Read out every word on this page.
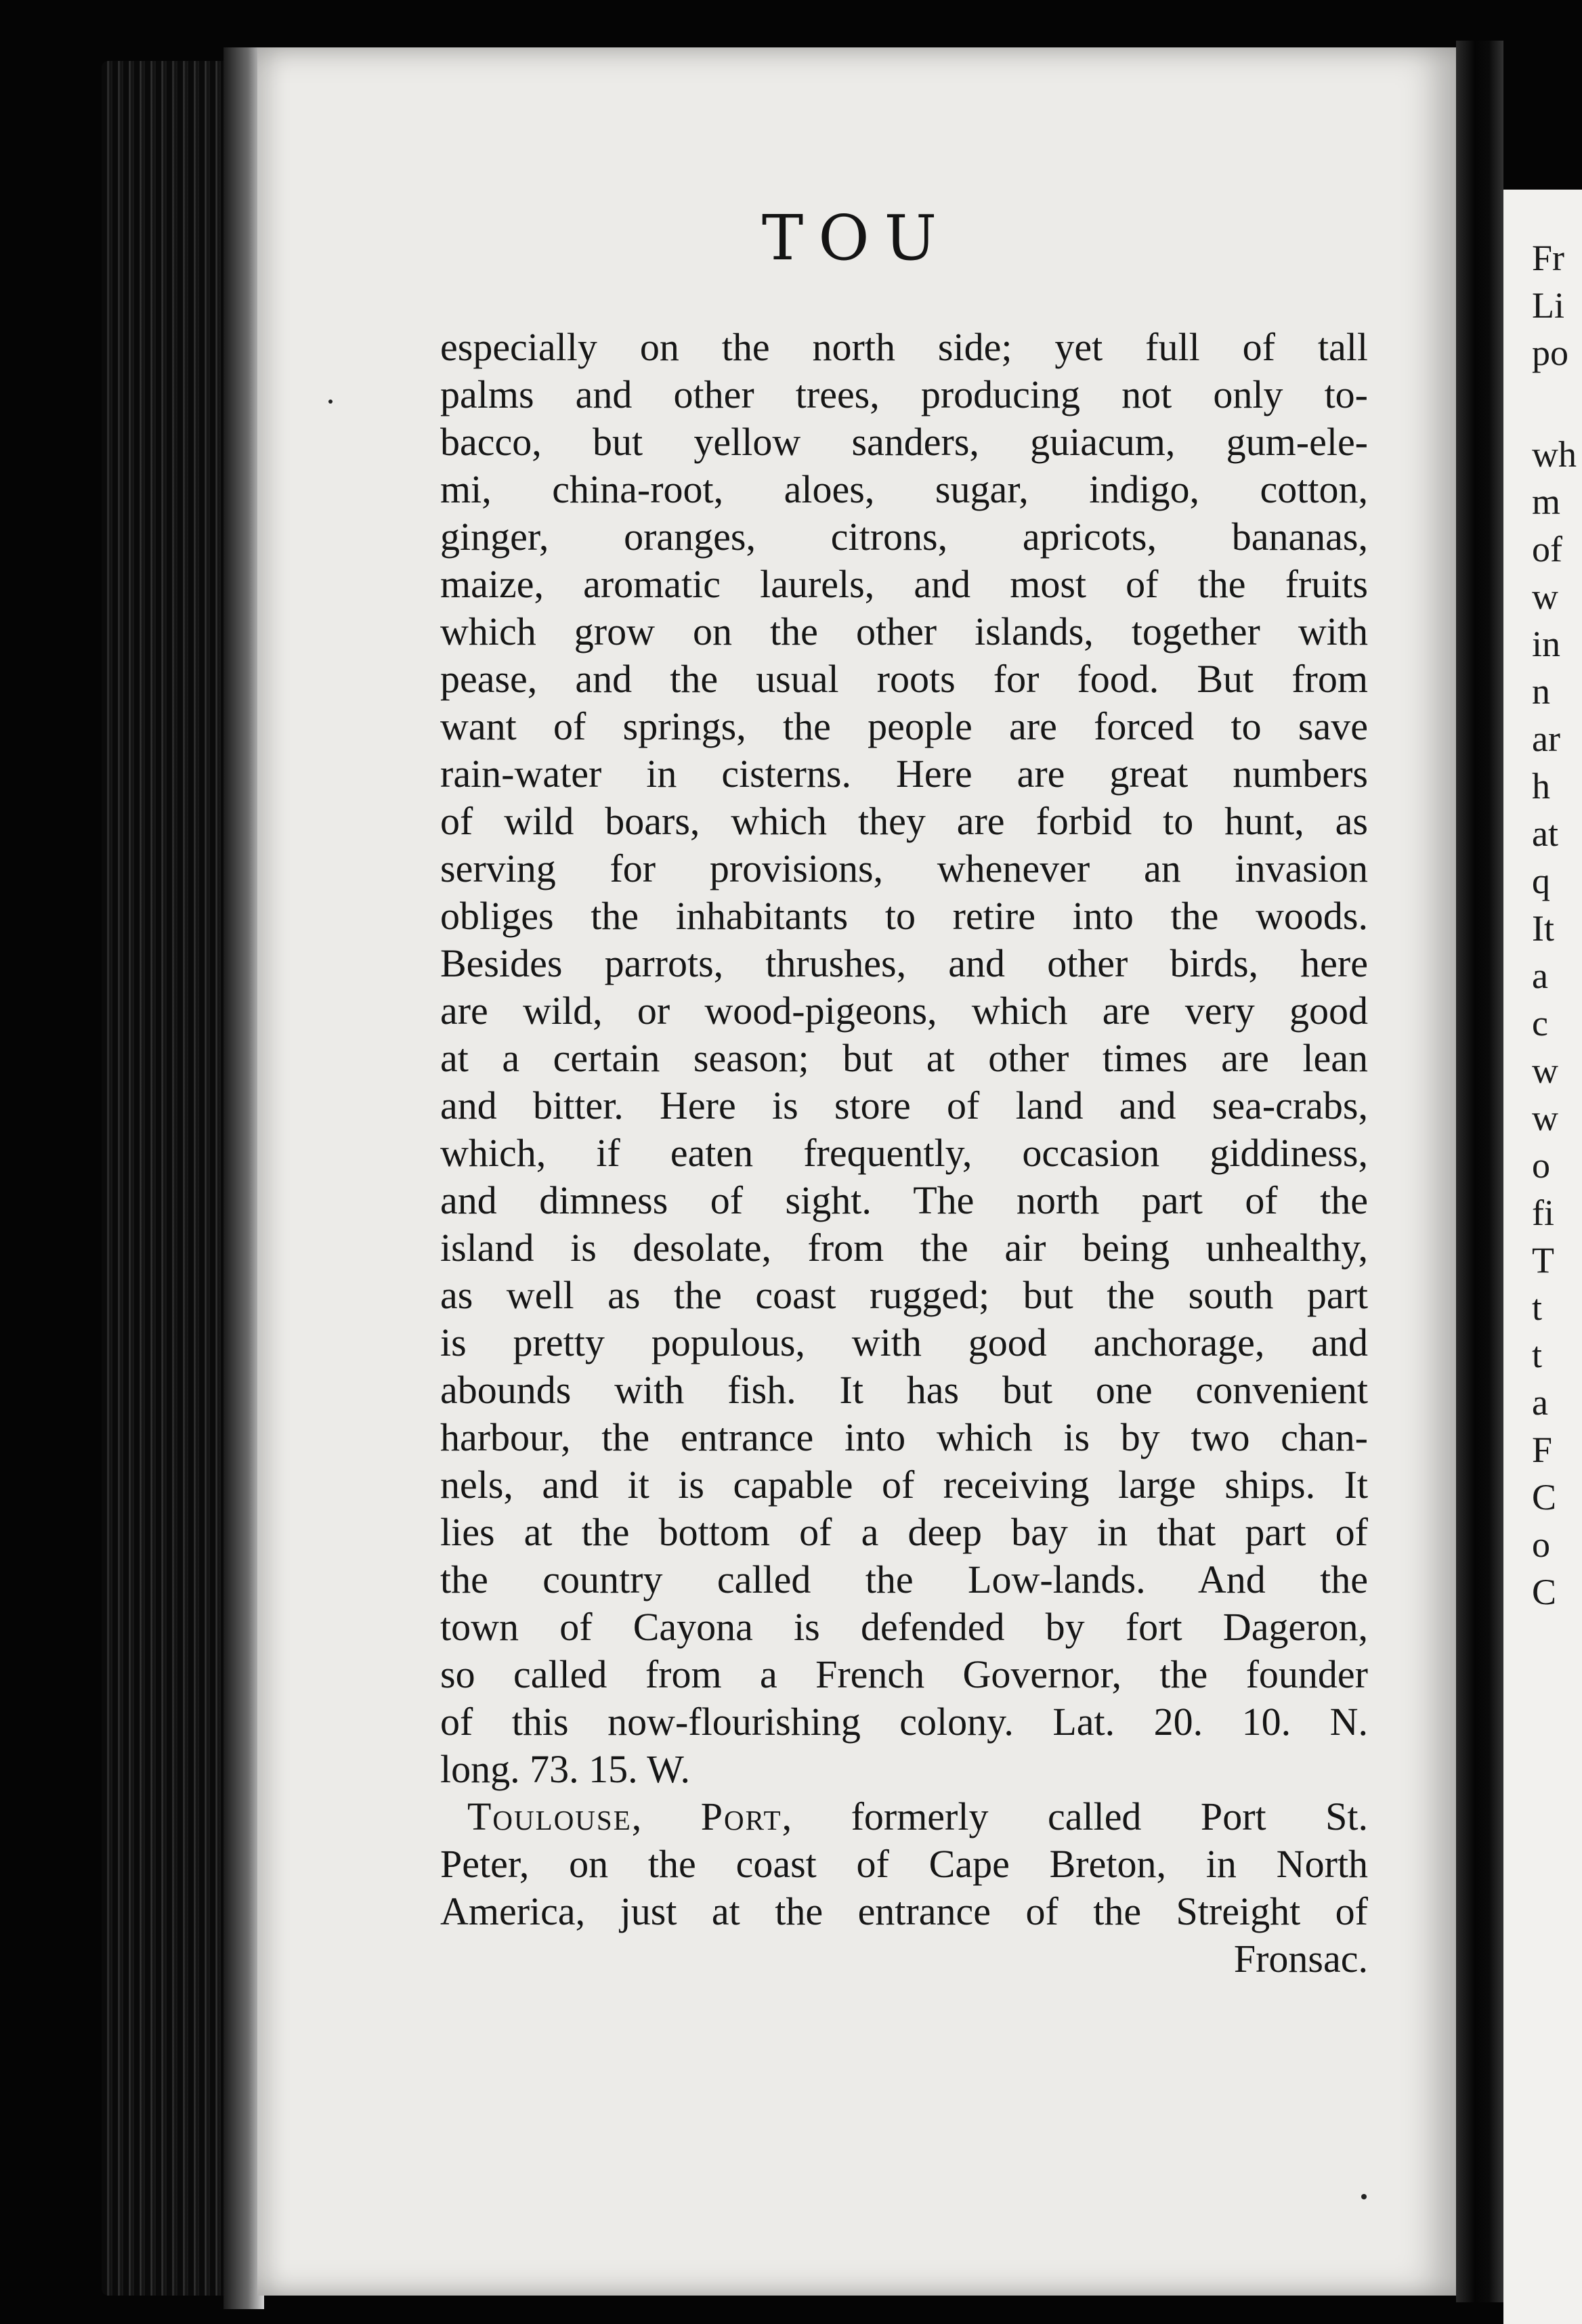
TOU
especially on the north side; yet full of tall
palms and other trees, producing not only to-
bacco, but yellow sanders, guiacum, gum-ele-
mi, china-root, aloes, sugar, indigo, cotton,
ginger, oranges, citrons, apricots, bananas,
maize, aromatic laurels, and most of the fruits
which grow on the other islands, together with
pease, and the usual roots for food. But from
want of springs, the people are forced to save
rain-water in cisterns. Here are great numbers
of wild boars, which they are forbid to hunt, as
serving for provisions, whenever an invasion
obliges the inhabitants to retire into the woods.
Besides parrots, thrushes, and other birds, here
are wild, or wood-pigeons, which are very good
at a certain season; but at other times are lean
and bitter. Here is store of land and sea-crabs,
which, if eaten frequently, occasion giddiness,
and dimness of sight. The north part of the
island is desolate, from the air being unhealthy,
as well as the coast rugged; but the south part
is pretty populous, with good anchorage, and
abounds with fish. It has but one convenient
harbour, the entrance into which is by two chan-
nels, and it is capable of receiving large ships. It
lies at the bottom of a deep bay in that part of
the country called the Low-lands. And the
town of Cayona is defended by fort Dageron,
so called from a French Governor, the founder
of this now-flourishing colony. Lat. 20. 10. N.
long. 73. 15. W.
Toulouse, Port, formerly called Port St.
Peter, on the coast of Cape Breton, in North
America, just at the entrance of the Streight of
Fronsac.
Fr
Li
po
wh
m
of
w
in
n
ar
h
at
q
It
a
c
w
w
o
fi
T
t
t
a
F
C
o
C
